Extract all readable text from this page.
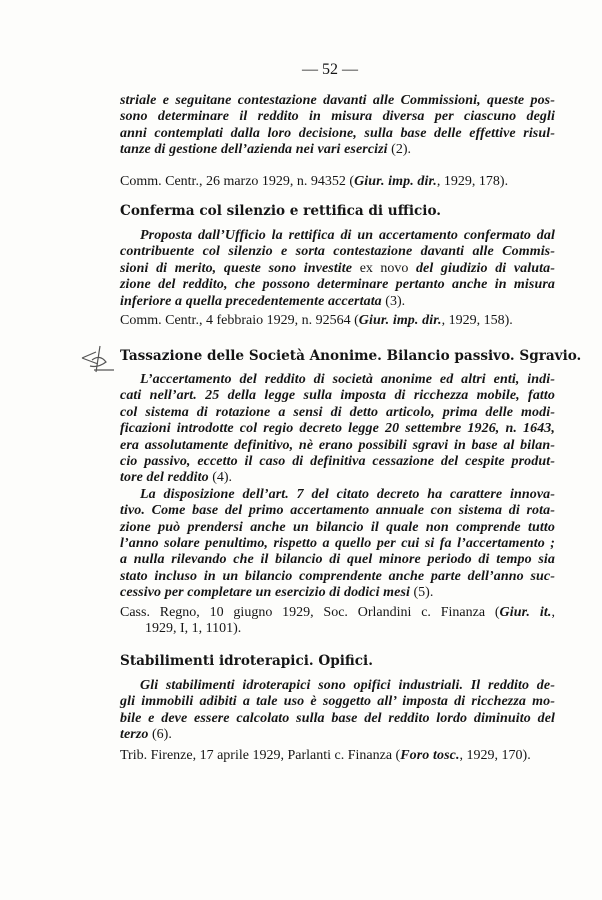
— 52 —
striale e seguitane contestazione davanti alle Commissioni, queste pos-
sono determinare il reddito in misura diversa per ciascuno degli
anni contemplati dalla loro decisione, sulla base delle effettive risul-
tanze di gestione dell’azienda nei vari esercizi (2).
Comm. Centr., 26 marzo 1929, n. 94352 (Giur. imp. dir., 1929, 178).
Conferma col silenzio e rettifica di ufficio.
Proposta dall’Ufficio la rettifica di un accertamento confermato dal
contribuente col silenzio e sorta contestazione davanti alle Commis-
sioni di merito, queste sono investite ex novo del giudizio di valuta-
zione del reddito, che possono determinare pertanto anche in misura
inferiore a quella precedentemente accertata (3).
Comm. Centr., 4 febbraio 1929, n. 92564 (Giur. imp. dir., 1929, 158).
Tassazione delle Società Anonime. Bilancio passivo. Sgravio.
L’accertamento del reddito di società anonime ed altri enti, indi-
cati nell’art. 25 della legge sulla imposta di ricchezza mobile, fatto
col sistema di rotazione a sensi di detto articolo, prima delle modi-
ficazioni introdotte col regio decreto legge 20 settembre 1926, n. 1643,
era assolutamente definitivo, nè erano possibili sgravi in base al bilan-
cio passivo, eccetto il caso di definitiva cessazione del cespite produt-
tore del reddito (4).
La disposizione dell’art. 7 del citato decreto ha carattere innova-
tivo. Come base del primo accertamento annuale con sistema di rota-
zione può prendersi anche un bilancio il quale non comprende tutto
l’anno solare penultimo, rispetto a quello per cui si fa l’accertamento ;
a nulla rilevando che il bilancio di quel minore periodo di tempo sia
stato incluso in un bilancio comprendente anche parte dell’anno suc-
cessivo per completare un esercizio di dodici mesi (5).
Cass. Regno, 10 giugno 1929, Soc. Orlandini c. Finanza (Giur. it.,
1929, I, 1, 1101).
Stabilimenti idroterapici. Opifici.
Gli stabilimenti idroterapici sono opifici industriali. Il reddito de-
gli immobili adibiti a tale uso è soggetto all’ imposta di ricchezza mo-
bile e deve essere calcolato sulla base del reddito lordo diminuito del
terzo (6).
Trib. Firenze, 17 aprile 1929, Parlanti c. Finanza (Foro tosc., 1929, 170).
